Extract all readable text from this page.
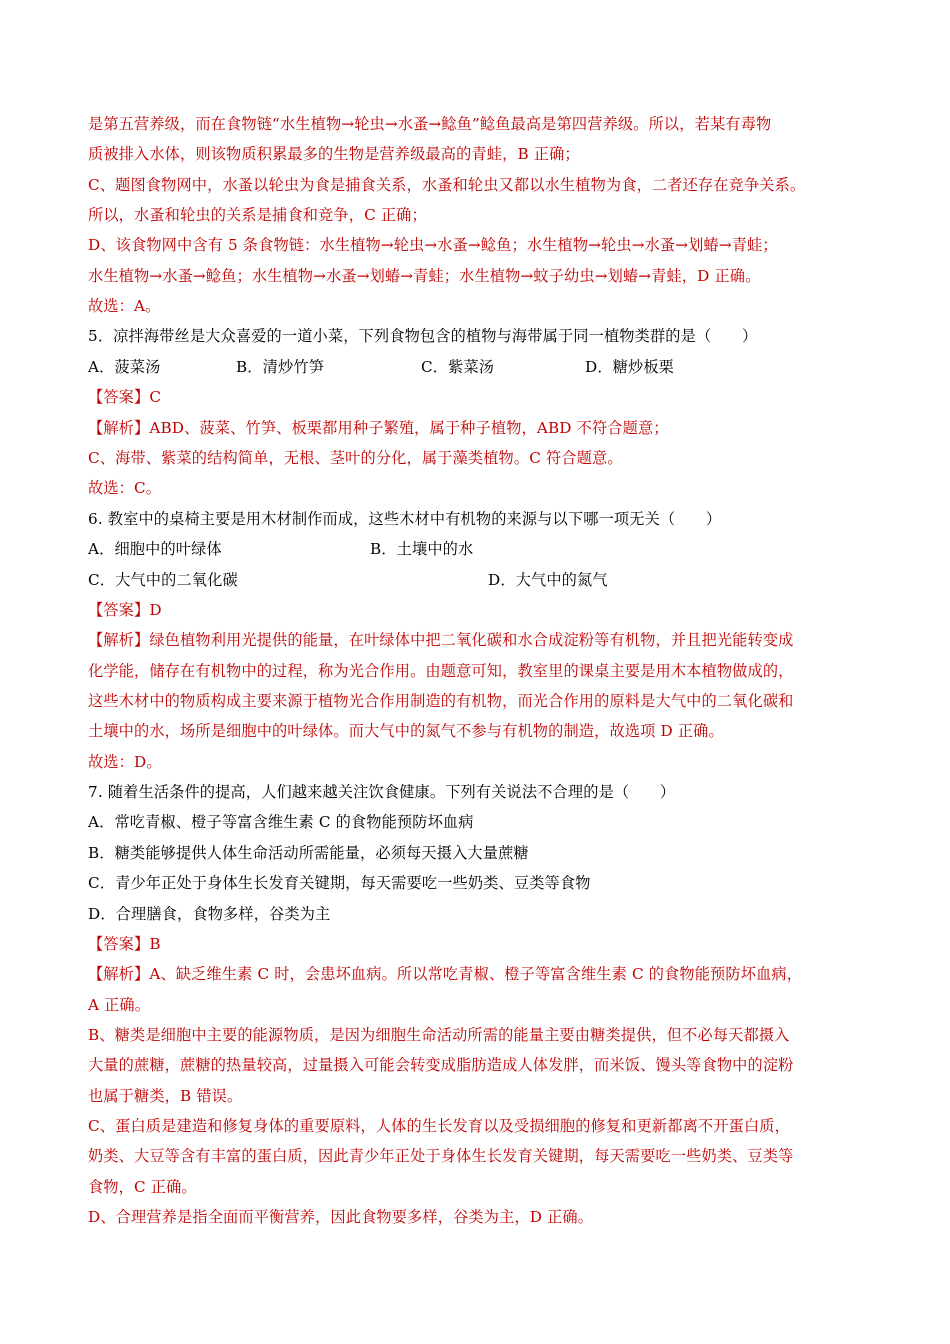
是第五营养级，而在食物链“水生植物→轮虫→水蚤→鲶鱼”鲶鱼最高是第四营养级。所以，若某有毒物
质被排入水体，则该物质积累最多的生物是营养级最高的青蛙，B 正确；
C、题图食物网中，水蚤以轮虫为食是捕食关系，水蚤和轮虫又都以水生植物为食，二者还存在竞争关系。
所以，水蚤和轮虫的关系是捕食和竞争，C 正确；
D、该食物网中含有 5 条食物链：水生植物→轮虫→水蚤→鲶鱼；水生植物→轮虫→水蚤→划蝽→青蛙；
水生植物→水蚤→鲶鱼；水生植物→水蚤→划蝽→青蛙；水生植物→蚊子幼虫→划蝽→青蛙，D 正确。
故选：A。
5．凉拌海带丝是大众喜爱的一道小菜，下列食物包含的植物与海带属于同一植物类群的是（　　）
A．菠菜汤	B．清炒竹笋	C．紫菜汤	D．糖炒板栗
【答案】C
【解析】ABD、菠菜、竹笋、板栗都用种子繁殖，属于种子植物，ABD 不符合题意；
C、海带、紫菜的结构简单，无根、茎叶的分化，属于藻类植物。C 符合题意。
故选：C。
6. 教室中的桌椅主要是用木材制作而成，这些木材中有机物的来源与以下哪一项无关（　　）
A．细胞中的叶绿体	B．土壤中的水
C．大气中的二氧化碳	D．大气中的氮气
【答案】D
【解析】绿色植物利用光提供的能量，在叶绿体中把二氧化碳和水合成淀粉等有机物，并且把光能转变成
化学能，储存在有机物中的过程，称为光合作用。由题意可知，教室里的课桌主要是用木本植物做成的，
这些木材中的物质构成主要来源于植物光合作用制造的有机物，而光合作用的原料是大气中的二氧化碳和
土壤中的水，场所是细胞中的叶绿体。而大气中的氮气不参与有机物的制造，故选项 D 正确。
故选：D。
7. 随着生活条件的提高，人们越来越关注饮食健康。下列有关说法不合理的是（　　）
A．常吃青椒、橙子等富含维生素 C 的食物能预防坏血病
B．糖类能够提供人体生命活动所需能量，必须每天摄入大量蔗糖
C．青少年正处于身体生长发育关键期，每天需要吃一些奶类、豆类等食物
D．合理膳食，食物多样，谷类为主
【答案】B
【解析】A、缺乏维生素 C 时，会患坏血病。所以常吃青椒、橙子等富含维生素 C 的食物能预防坏血病，
A 正确。
B、糖类是细胞中主要的能源物质，是因为细胞生命活动所需的能量主要由糖类提供，但不必每天都摄入
大量的蔗糖，蔗糖的热量较高，过量摄入可能会转变成脂肪造成人体发胖，而米饭、馒头等食物中的淀粉
也属于糖类，B 错误。
C、蛋白质是建造和修复身体的重要原料，人体的生长发育以及受损细胞的修复和更新都离不开蛋白质，
奶类、大豆等含有丰富的蛋白质，因此青少年正处于身体生长发育关键期，每天需要吃一些奶类、豆类等
食物，C 正确。
D、合理营养是指全面而平衡营养，因此食物要多样，谷类为主，D 正确。
